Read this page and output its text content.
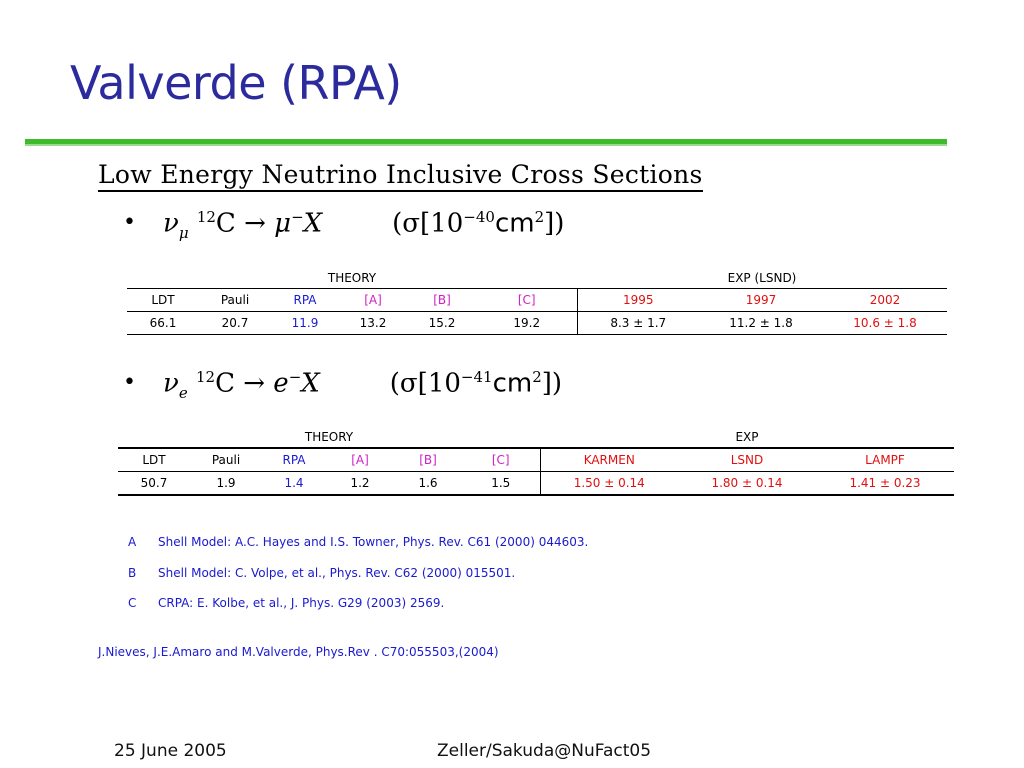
Valverde (RPA)
Low Energy Neutrino Inclusive Cross Sections
• $\nu_\mu$ $^{12}$C → μ−X	$(\sigma[10^{-40}cm^2])$
THEORY						EXP (LSND)		
LDT	Pauli	RPA	[A]	[B]	[C]	1995	1997	2002
66.1	20.7	11.9	13.2	15.2	19.2	8.3 ± 1.7	11.2 ± 1.8	10.6 ± 1.8
• $\nu_e$ $^{12}$C → e−X	$(\sigma[10^{-41}cm^2])$
THEORY						EXP		
LDT	Pauli	RPA	[A]	[B]	[C]	KARMEN	LSND	LAMPF
50.7	1.9	1.4	1.2	1.6	1.5	1.50 ± 0.14	1.80 ± 0.14	1.41 ± 0.23
A Shell Model: A.C. Hayes and I.S. Towner, Phys. Rev. C61 (2000) 044603.
B Shell Model: C. Volpe, et al., Phys. Rev. C62 (2000) 015501.
C CRPA: E. Kolbe, et al., J. Phys. G29 (2003) 2569.
J.Nieves, J.E.Amaro and M.Valverde, Phys.Rev . C70:055503,(2004)
25 June 2005	Zeller/Sakuda@NuFact05
